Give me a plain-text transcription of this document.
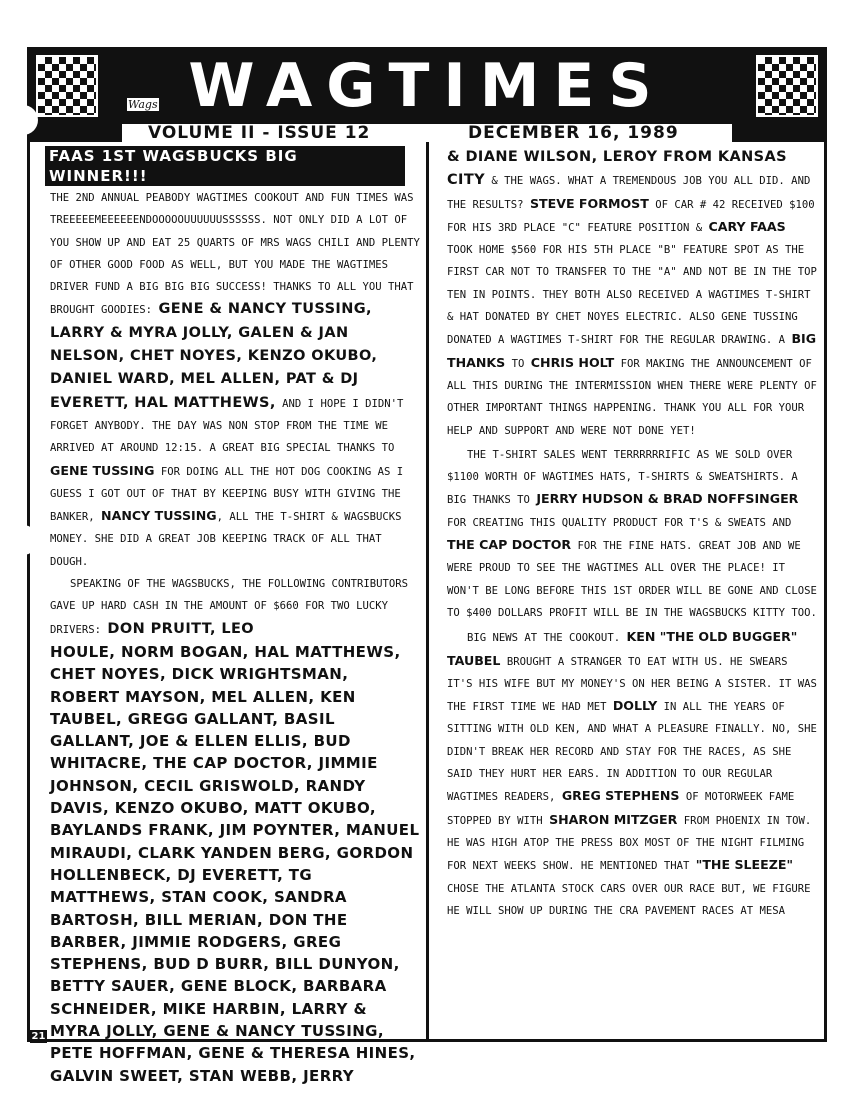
WAGTIMES
Wags
VOLUME II - ISSUE 12	DECEMBER 16, 1989
FAAS 1ST WAGSBUCKS BIG WINNER!!!

THE 2ND ANNUAL PEABODY WAGTIMES COOKOUT AND FUN TIMES WAS TREEEEEMEEEEEENDOOOOOUUUUUUSSSSSS. NOT ONLY DID A LOT OF YOU SHOW UP AND EAT 25 QUARTS OF MRS WAGS CHILI AND PLENTY OF OTHER GOOD FOOD AS WELL, BUT YOU MADE THE WAGTIMES DRIVER FUND A BIG BIG BIG SUCCESS! THANKS TO ALL YOU THAT BROUGHT GOODIES: GENE & NANCY TUSSING, LARRY & MYRA JOLLY, GALEN & JAN NELSON, CHET NOYES, KENZO OKUBO, DANIEL WARD, MEL ALLEN, PAT & DJ EVERETT, HAL MATTHEWS, AND I HOPE I DIDN'T FORGET ANYBODY. THE DAY WAS NON STOP FROM THE TIME WE ARRIVED AT AROUND 12:15. A GREAT BIG SPECIAL THANKS TO GENE TUSSING FOR DOING ALL THE HOT DOG COOKING AS I GUESS I GOT OUT OF THAT BY KEEPING BUSY WITH GIVING THE BANKER, NANCY TUSSING, ALL THE T-SHIRT & WAGSBUCKS MONEY. SHE DID A GREAT JOB KEEPING TRACK OF ALL THAT DOUGH.

SPEAKING OF THE WAGSBUCKS, THE FOLLOWING CONTRIBUTORS GAVE UP HARD CASH IN THE AMOUNT OF $660 FOR TWO LUCKY DRIVERS: DON PRUITT, LEO

HOULE, NORM BOGAN, HAL MATTHEWS, CHET NOYES, DICK WRIGHTSMAN, ROBERT MAYSON, MEL ALLEN, KEN TAUBEL, GREGG GALLANT, BASIL GALLANT, JOE & ELLEN ELLIS, BUD WHITACRE, THE CAP DOCTOR, JIMMIE JOHNSON, CECIL GRISWOLD, RANDY DAVIS, KENZO OKUBO, MATT OKUBO, BAYLANDS FRANK, JIM POYNTER, MANUEL MIRAUDI, CLARK YANDEN BERG, GORDON HOLLENBECK, DJ EVERETT, TG MATTHEWS, STAN COOK, SANDRA BARTOSH, BILL MERIAN, DON THE BARBER, JIMMIE RODGERS, GREG STEPHENS, BUD D BURR, BILL DUNYON, BETTY SAUER, GENE BLOCK, BARBARA SCHNEIDER, MIKE HARBIN, LARRY & MYRA JOLLY, GENE & NANCY TUSSING, PETE HOFFMAN, GENE & THERESA HINES, GALVIN SWEET, STAN WEBB, JERRY

& DIANE WILSON, LEROY FROM KANSAS CITY & THE WAGS. WHAT A TREMENDOUS JOB YOU ALL DID. AND THE RESULTS? STEVE FORMOST OF CAR # 42 RECEIVED $100 FOR HIS 3RD PLACE "C" FEATURE POSITION & CARY FAAS TOOK HOME $560 FOR HIS 5TH PLACE "B" FEATURE SPOT AS THE FIRST CAR NOT TO TRANSFER TO THE "A" AND NOT BE IN THE TOP TEN IN POINTS. THEY BOTH ALSO RECEIVED A WAGTIMES T-SHIRT & HAT DONATED BY CHET NOYES ELECTRIC. ALSO GENE TUSSING DONATED A WAGTIMES T-SHIRT FOR THE REGULAR DRAWING. A BIG THANKS TO CHRIS HOLT FOR MAKING THE ANNOUNCEMENT OF ALL THIS DURING THE INTERMISSION WHEN THERE WERE PLENTY OF OTHER IMPORTANT THINGS HAPPENING. THANK YOU ALL FOR YOUR HELP AND SUPPORT AND WERE NOT DONE YET!

THE T-SHIRT SALES WENT TERRRRRRIFIC AS WE SOLD OVER $1100 WORTH OF WAGTIMES HATS, T-SHIRTS & SWEATSHIRTS. A BIG THANKS TO JERRY HUDSON & BRAD NOFFSINGER FOR CREATING THIS QUALITY PRODUCT FOR T'S & SWEATS AND THE CAP DOCTOR FOR THE FINE HATS. GREAT JOB AND WE WERE PROUD TO SEE THE WAGTIMES ALL OVER THE PLACE! IT WON'T BE LONG BEFORE THIS 1ST ORDER WILL BE GONE AND CLOSE TO $400 DOLLARS PROFIT WILL BE IN THE WAGSBUCKS KITTY TOO.

BIG NEWS AT THE COOKOUT. KEN "THE OLD BUGGER" TAUBEL BROUGHT A STRANGER TO EAT WITH US. HE SWEARS IT'S HIS WIFE BUT MY MONEY'S ON HER BEING A SISTER. IT WAS THE FIRST TIME WE HAD MET DOLLY IN ALL THE YEARS OF SITTING WITH OLD KEN, AND WHAT A PLEASURE FINALLY. NO, SHE DIDN'T BREAK HER RECORD AND STAY FOR THE RACES, AS SHE SAID THEY HURT HER EARS. IN ADDITION TO OUR REGULAR WAGTIMES READERS, GREG STEPHENS OF MOTORWEEK FAME STOPPED BY WITH SHARON MITZGER FROM PHOENIX IN TOW. HE WAS HIGH ATOP THE PRESS BOX MOST OF THE NIGHT FILMING FOR NEXT WEEKS SHOW. HE MENTIONED THAT "THE SLEEZE" CHOSE THE ATLANTA STOCK CARS OVER OUR RACE BUT, WE FIGURE HE WILL SHOW UP DURING THE CRA PAVEMENT RACES AT MESA

21
